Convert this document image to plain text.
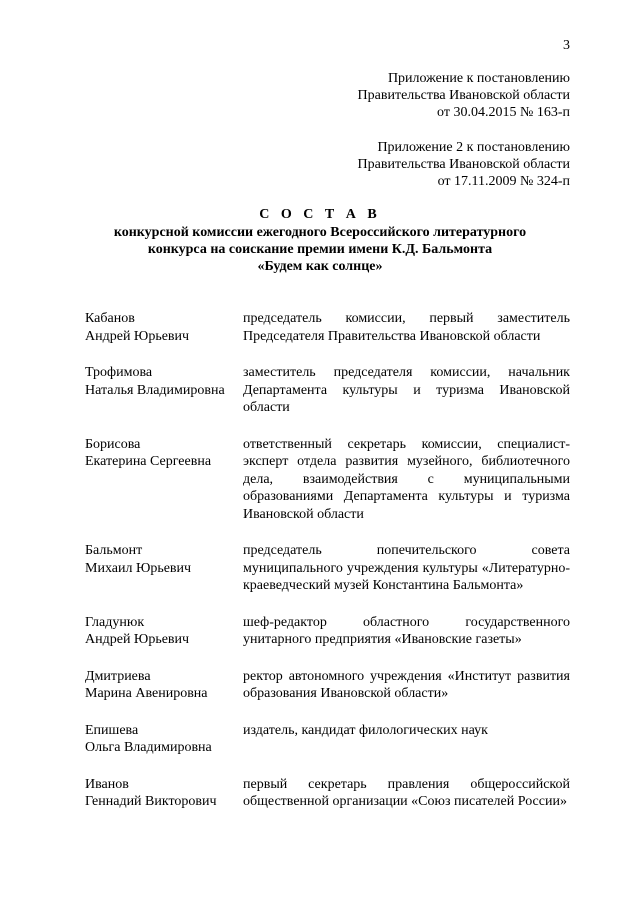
3
Приложение к постановлению
Правительства Ивановской области
от 30.04.2015 № 163-п
Приложение 2 к постановлению
Правительства Ивановской области
от 17.11.2009 № 324-п
С О С Т А В
конкурсной комиссии ежегодного Всероссийского литературного
конкурса на соискание премии имени К.Д. Бальмонта
«Будем как солнце»
Кабанов
Андрей Юрьевич
председатель комиссии, первый заместитель Председателя Правительства Ивановской области
Трофимова
Наталья Владимировна
заместитель председателя комиссии, начальник Департамента культуры и туризма Ивановской области
Борисова
Екатерина Сергеевна
ответственный секретарь комиссии, специалист-эксперт отдела развития музейного, библиотечного дела, взаимодействия с муниципальными образованиями Департамента культуры и туризма Ивановской области
Бальмонт
Михаил Юрьевич
председатель попечительского совета муниципального учреждения культуры «Литературно-краеведческий музей Константина Бальмонта»
Гладунюк
Андрей Юрьевич
шеф-редактор областного государственного унитарного предприятия «Ивановские газеты»
Дмитриева
Марина Авенировна
ректор автономного учреждения «Институт развития образования Ивановской области»
Епишева
Ольга Владимировна
издатель, кандидат филологических наук
Иванов
Геннадий Викторович
первый секретарь правления общероссийской общественной организации «Союз писателей России»
